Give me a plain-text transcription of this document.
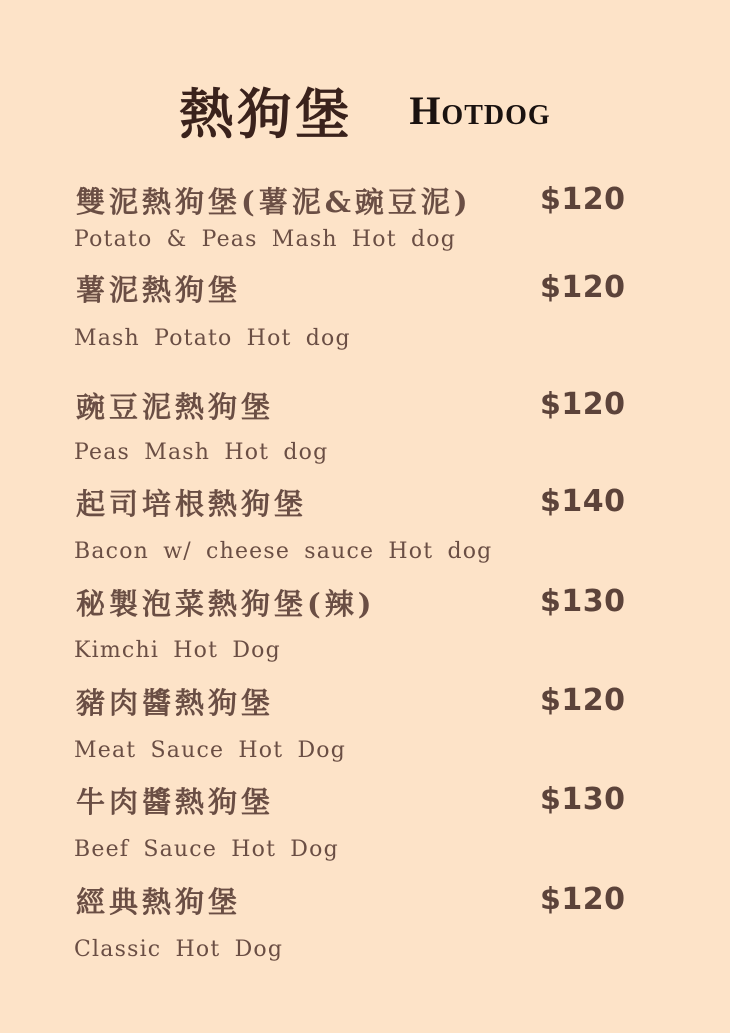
熱狗堡 Hotdog
雙泥熱狗堡(薯泥&豌豆泥) $120
Potato & Peas Mash Hot dog
薯泥熱狗堡	$120
Mash Potato Hot dog
豌豆泥熱狗堡	$120
Peas Mash Hot dog
起司培根熱狗堡	$140
Bacon w/ cheese sauce Hot dog
秘製泡菜熱狗堡(辣)	$130
Kimchi Hot Dog
豬肉醬熱狗堡	$120
Meat Sauce Hot Dog
牛肉醬熱狗堡	$130
Beef Sauce Hot Dog
經典熱狗堡	$120
Classic Hot Dog
